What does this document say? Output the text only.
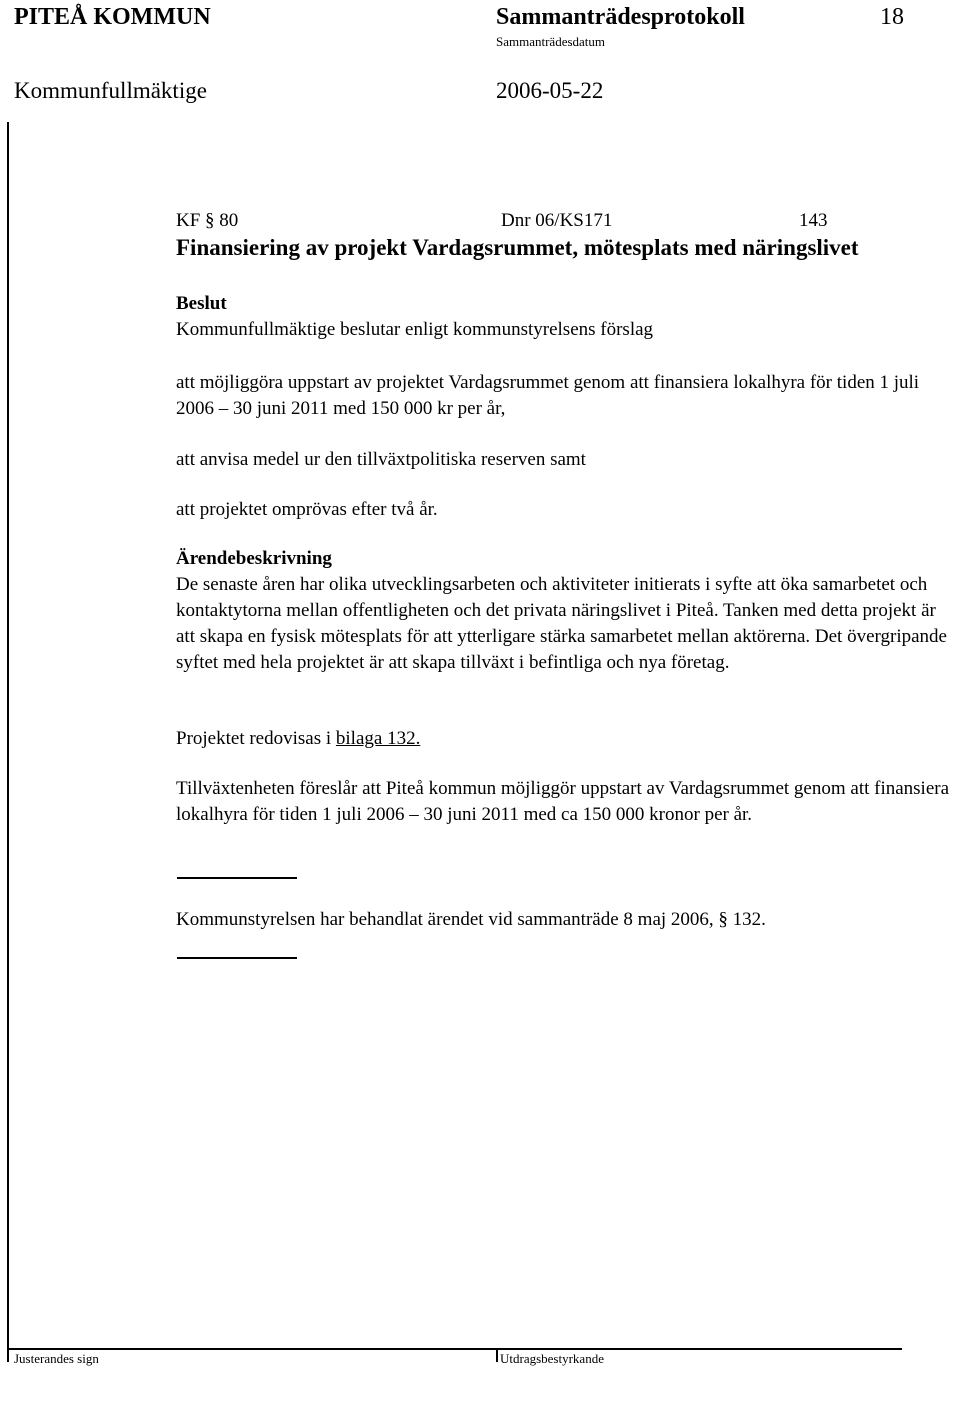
PITEÅ KOMMUN	Sammanträdesprotokoll	18
Sammanträdesdatum
Kommunfullmäktige	2006-05-22
KF § 80	Dnr 06/KS171	143
Finansiering av projekt Vardagsrummet, mötesplats med näringslivet

Beslut

Kommunfullmäktige beslutar enligt kommunstyrelsens förslag

att möjliggöra uppstart av projektet Vardagsrummet genom att finansiera lokalhyra för tiden 1 juli 2006 – 30 juni 2011 med 150 000 kr per år,

att anvisa medel ur den tillväxtpolitiska reserven samt

att projektet omprövas efter två år.

Ärendebeskrivning

De senaste åren har olika utvecklingsarbeten och aktiviteter initierats i syfte att öka samarbetet och kontaktytorna mellan offentligheten och det privata näringslivet i Piteå. Tanken med detta projekt är att skapa en fysisk mötesplats för att ytterligare stärka samarbetet mellan aktörerna. Det övergripande syftet med hela projektet är att skapa tillväxt i befintliga och nya företag.

Projektet redovisas i bilaga 132.

Tillväxtenheten föreslår att Piteå kommun möjliggör uppstart av Vardagsrummet genom att finansiera lokalhyra för tiden 1 juli 2006 – 30 juni 2011 med ca 150 000 kronor per år.

Kommunstyrelsen har behandlat ärendet vid sammanträde 8 maj 2006, § 132.

Justerandes sign	Utdragsbestyrkande
